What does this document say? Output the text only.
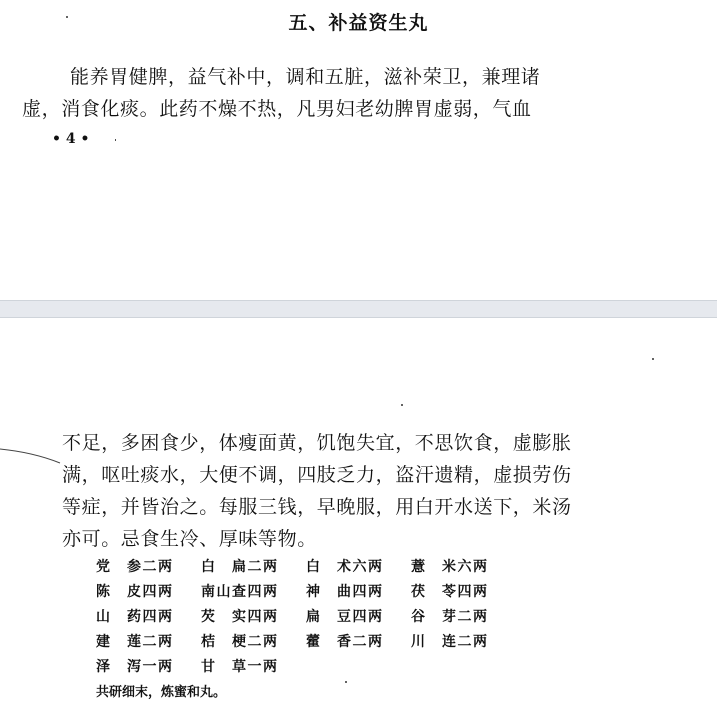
五、补益资生丸
能养胃健脾，益气补中，调和五脏，滋补荣卫，兼理诸
虚，消食化痰。此药不燥不热，凡男妇老幼脾胃虚弱，气血
• 4 •
不足，多困食少，体瘦面黄，饥饱失宜，不思饮食，虚膨胀
满，呕吐痰水，大便不调，四肢乏力，盗汗遗精，虚损劳伤
等症，并皆治之。每服三钱，早晚服，用白开水送下，米汤
亦可。忌食生冷、厚味等物。
党　参二两 白　扁二两 白　术六两 薏　米六两
陈　皮四两 南山查四两 神　曲四两 茯　苓四两
山　药四两 芡　实四两 扁　豆四两 谷　芽二两
建　莲二两 桔　梗二两 藿　香二两 川　连二两
泽　泻一两 甘　草一两
共研细末，炼蜜和丸。
